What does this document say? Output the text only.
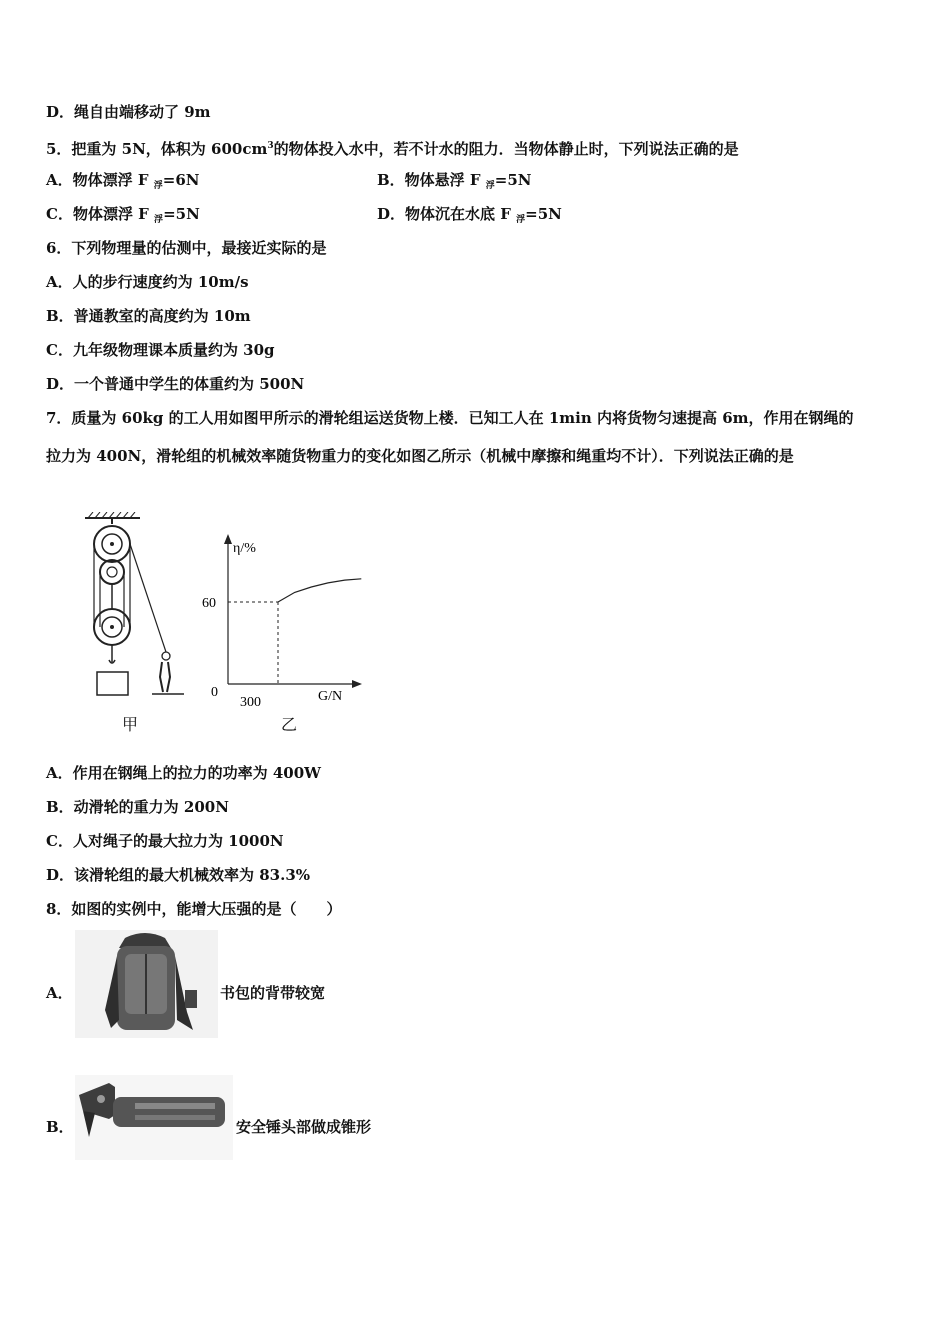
D．绳自由端移动了 9m
5．把重为 5N，体积为 $600cm^3$的物体投入水中，若不计水的阻力．当物体静止时，下列说法正确的是
A．物体漂浮 F $_浮$=6N	B．物体悬浮 F $_浮$=5N
C．物体漂浮 F $_浮$=5N	D．物体沉在水底 F $_浮$=5N
6．下列物理量的估测中，最接近实际的是
A．人的步行速度约为 10m/s
B．普通教室的高度约为 10m
C．九年级物理课本质量约为 30g
D．一个普通中学生的体重约为 500N
7．质量为 60kg 的工人用如图甲所示的滑轮组运送货物上楼．已知工人在 1min 内将货物匀速提高 6m，作用在钢绳的
拉力为 400N，滑轮组的机械效率随货物重力的变化如图乙所示（机械中摩擦和绳重均不计）．下列说法正确的是
甲
η/%
G/N
0
300
60
乙
A．作用在钢绳上的拉力的功率为 400W
B．动滑轮的重力为 200N
C．人对绳子的最大拉力为 1000N
D．该滑轮组的最大机械效率为 83.3%
8．如图的实例中，能增大压强的是（　　）
A．	书包的背带较宽
B．	安全锤头部做成锥形
